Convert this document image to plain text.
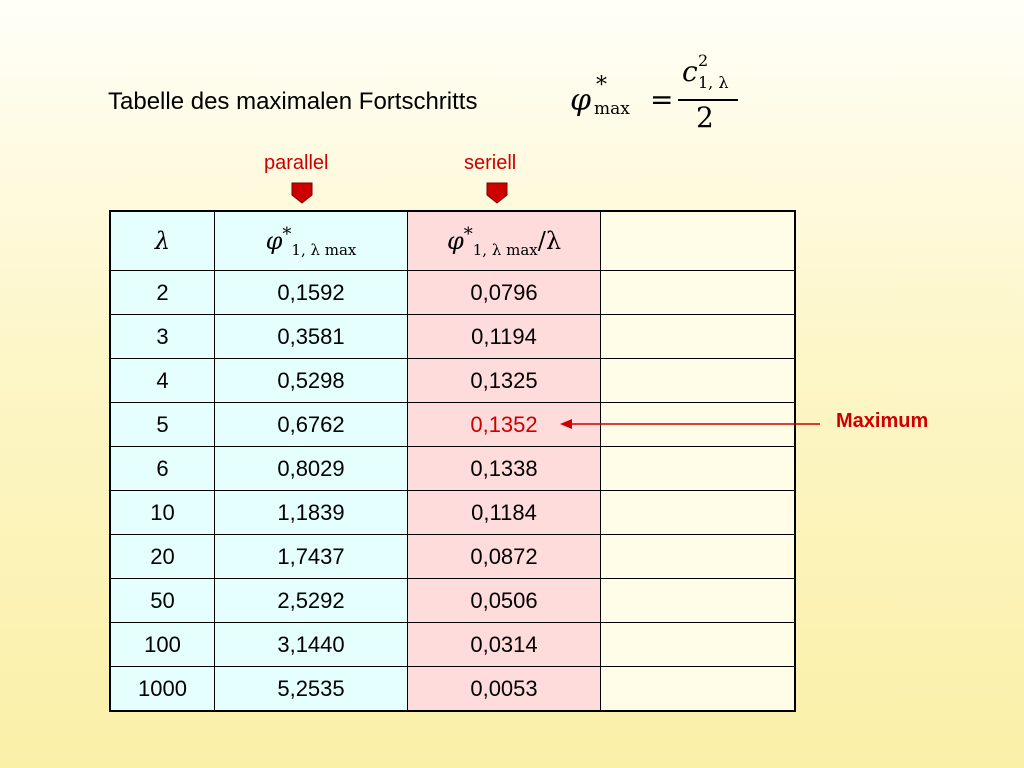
Tabelle des maximalen Fortschritts	φ *
max =
c 2
1, λ
2
parallel	seriell
λ	$\varphi^*_{1, \lambda max}$	$\varphi^*_{1, \lambda max}/\lambda$	
2	0,1592	0,0796	
3	0,3581	0,1194	
4	0,5298	0,1325	
5	0,6762	0,1352	
6	0,8029	0,1338	
10	1,1839	0,1184	
20	1,7437	0,0872	
50	2,5292	0,0506	
100	3,1440	0,0314	
1000	5,2535	0,0053	
Maximum
